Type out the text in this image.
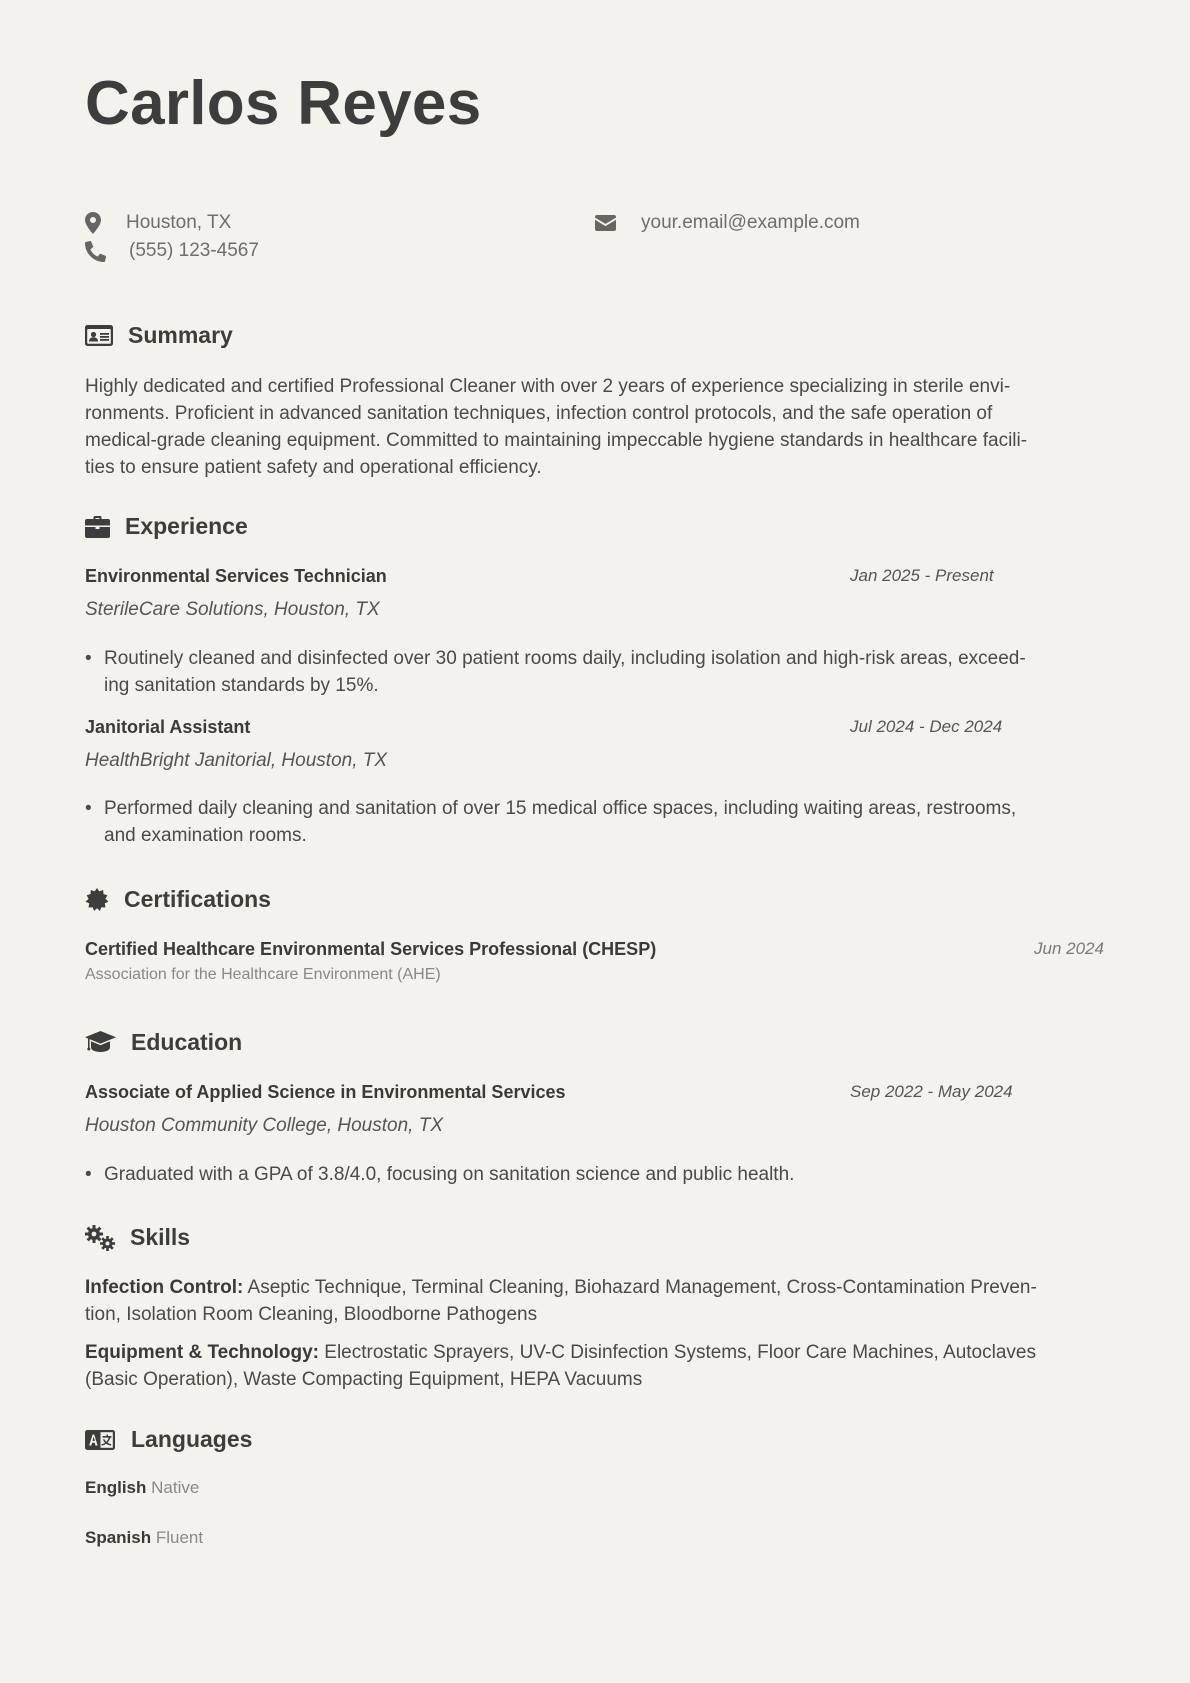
Carlos Reyes
Houston, TX	your.email@example.com
(555) 123-4567
Summary
Highly dedicated and certified Professional Cleaner with over 2 years of experience specializing in sterile envi-
ronments. Proficient in advanced sanitation techniques, infection control protocols, and the safe operation of
medical-grade cleaning equipment. Committed to maintaining impeccable hygiene standards in healthcare facili-
ties to ensure patient safety and operational efficiency.
Experience
Environmental Services Technician	Jan 2025 - Present
SterileCare Solutions, Houston, TX
• Routinely cleaned and disinfected over 30 patient rooms daily, including isolation and high-risk areas, exceed-
ing sanitation standards by 15%.
Janitorial Assistant	Jul 2024 - Dec 2024
HealthBright Janitorial, Houston, TX
• Performed daily cleaning and sanitation of over 15 medical office spaces, including waiting areas, restrooms,
and examination rooms.
Certifications
Certified Healthcare Environmental Services Professional (CHESP)	Jun 2024
Association for the Healthcare Environment (AHE)
Education
Associate of Applied Science in Environmental Services	Sep 2022 - May 2024
Houston Community College, Houston, TX
• Graduated with a GPA of 3.8/4.0, focusing on sanitation science and public health.
Skills
Infection Control: Aseptic Technique, Terminal Cleaning, Biohazard Management, Cross-Contamination Preven-
tion, Isolation Room Cleaning, Bloodborne Pathogens
Equipment & Technology: Electrostatic Sprayers, UV-C Disinfection Systems, Floor Care Machines, Autoclaves
(Basic Operation), Waste Compacting Equipment, HEPA Vacuums
Languages
English Native
Spanish Fluent
